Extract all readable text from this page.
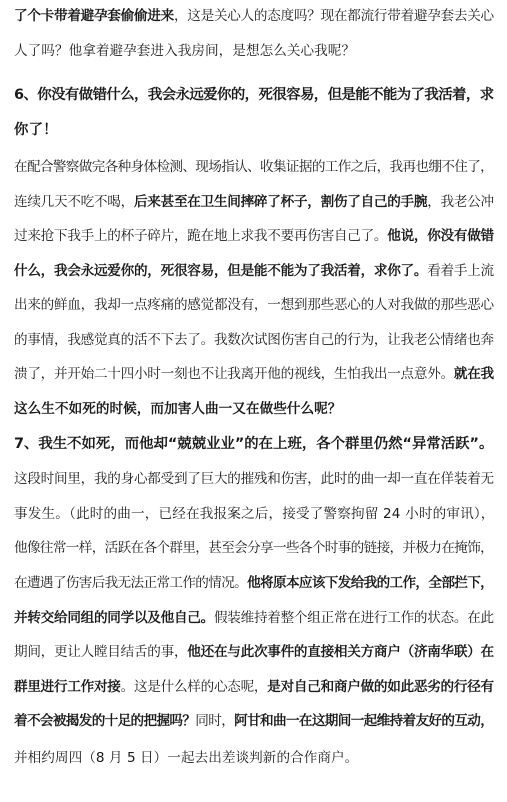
了个卡带着避孕套偷偷进来，这是关心人的态度吗？现在都流行带着避孕套去关心
人了吗？他拿着避孕套进入我房间，是想怎么关心我呢？
6、你没有做错什么，我会永远爱你的，死很容易，但是能不能为了我活着，求
你了！
在配合警察做完各种身体检测、现场指认、收集证据的工作之后，我再也绷不住了，
连续几天不吃不喝，后来甚至在卫生间摔碎了杯子，割伤了自己的手腕，我老公冲
过来抢下我手上的杯子碎片，跪在地上求我不要再伤害自己了。他说，你没有做错
什么，我会永远爱你的，死很容易，但是能不能为了我活着，求你了。看着手上流
出来的鲜血，我却一点疼痛的感觉都没有，一想到那些恶心的人对我做的那些恶心
的事情，我感觉真的活不下去了。我数次试图伤害自己的行为，让我老公情绪也奔
溃了，并开始二十四小时一刻也不让我离开他的视线，生怕我出一点意外。就在我
这么生不如死的时候，而加害人曲一又在做些什么呢？
7、我生不如死，而他却“兢兢业业”的在上班，各个群里仍然“异常活跃”。
这段时间里，我的身心都受到了巨大的摧残和伤害，此时的曲一却一直在佯装着无
事发生。（此时的曲一，已经在我报案之后，接受了警察拘留 24 小时的审讯），
他像往常一样，活跃在各个群里，甚至会分享一些各个时事的链接，并极力在掩饰，
在遭遇了伤害后我无法正常工作的情况。他将原本应该下发给我的工作，全部拦下，
并转交给同组的同学以及他自己。假装维持着整个组正常在进行工作的状态。在此
期间，更让人瞠目结舌的事，他还在与此次事件的直接相关方商户（济南华联）在
群里进行工作对接。这是什么样的心态呢，是对自己和商户做的如此恶劣的行径有
着不会被揭发的十足的把握吗？同时，阿甘和曲一在这期间一起维持着友好的互动，
并相约周四（8 月 5 日）一起去出差谈判新的合作商户。
